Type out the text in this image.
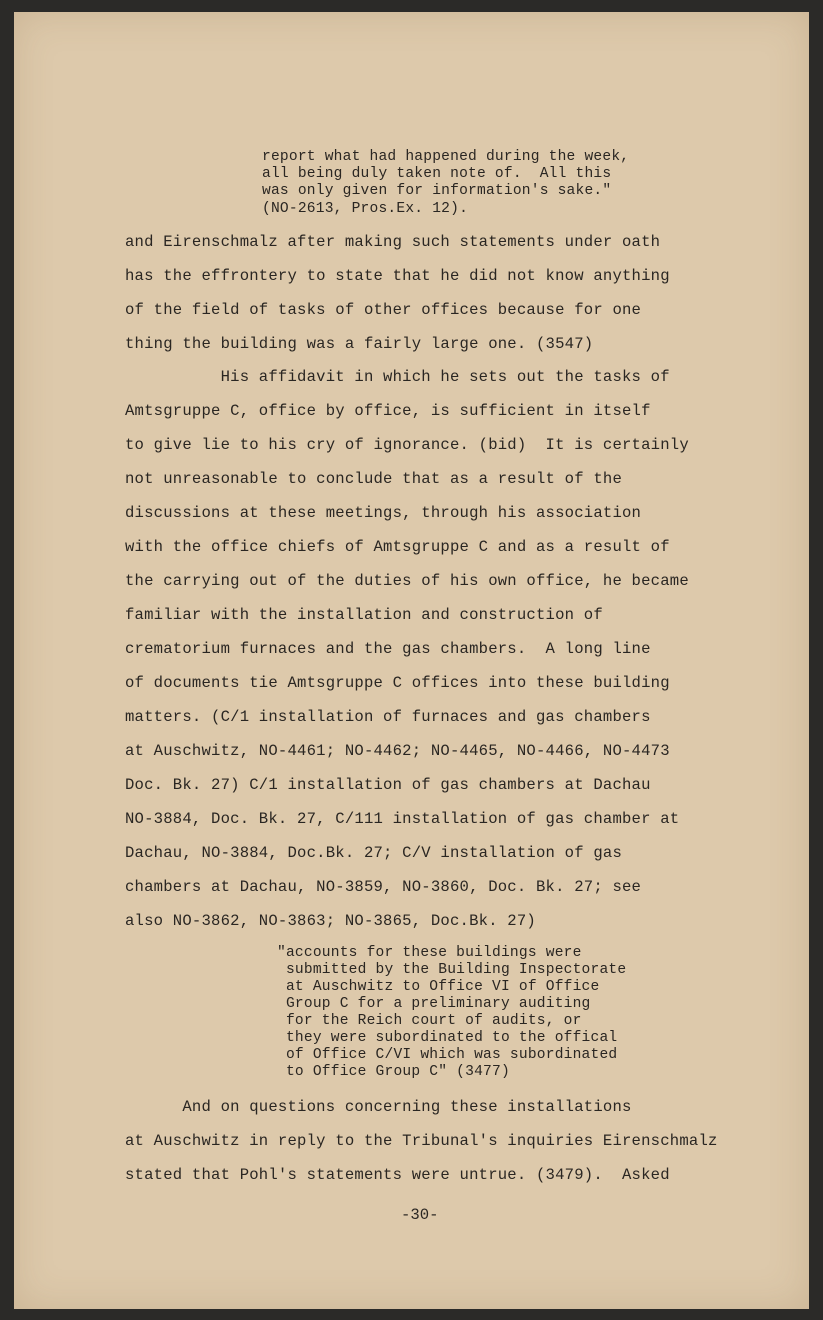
report what had happened during the week,
all being duly taken note of.  All this
was only given for information's sake."
(NO-2613, Pros.Ex. 12).
and Eirenschmalz after making such statements under oath
has the effrontery to state that he did not know anything
of the field of tasks of other offices because for one
thing the building was a fairly large one. (3547)
His affidavit in which he sets out the tasks of
Amtsgruppe C, office by office, is sufficient in itself
to give lie to his cry of ignorance. (bid)  It is certainly
not unreasonable to conclude that as a result of the
discussions at these meetings, through his association
with the office chiefs of Amtsgruppe C and as a result of
the carrying out of the duties of his own office, he became
familiar with the installation and construction of
crematorium furnaces and the gas chambers.  A long line
of documents tie Amtsgruppe C offices into these building
matters. (C/1 installation of furnaces and gas chambers
at Auschwitz, NO-4461; NO-4462; NO-4465, NO-4466, NO-4473
Doc. Bk. 27) C/1 installation of gas chambers at Dachau
NO-3884, Doc. Bk. 27, C/111 installation of gas chamber at
Dachau, NO-3884, Doc.Bk. 27; C/V installation of gas
chambers at Dachau, NO-3859, NO-3860, Doc. Bk. 27; see
also NO-3862, NO-3863; NO-3865, Doc.Bk. 27)
"accounts for these buildings were
submitted by the Building Inspectorate
at Auschwitz to Office VI of Office
Group C for a preliminary auditing
for the Reich court of audits, or
they were subordinated to the offical
of Office C/VI which was subordinated
to Office Group C" (3477)
And on questions concerning these installations
at Auschwitz in reply to the Tribunal's inquiries Eirenschmalz
stated that Pohl's statements were untrue. (3479).  Asked
-30-
